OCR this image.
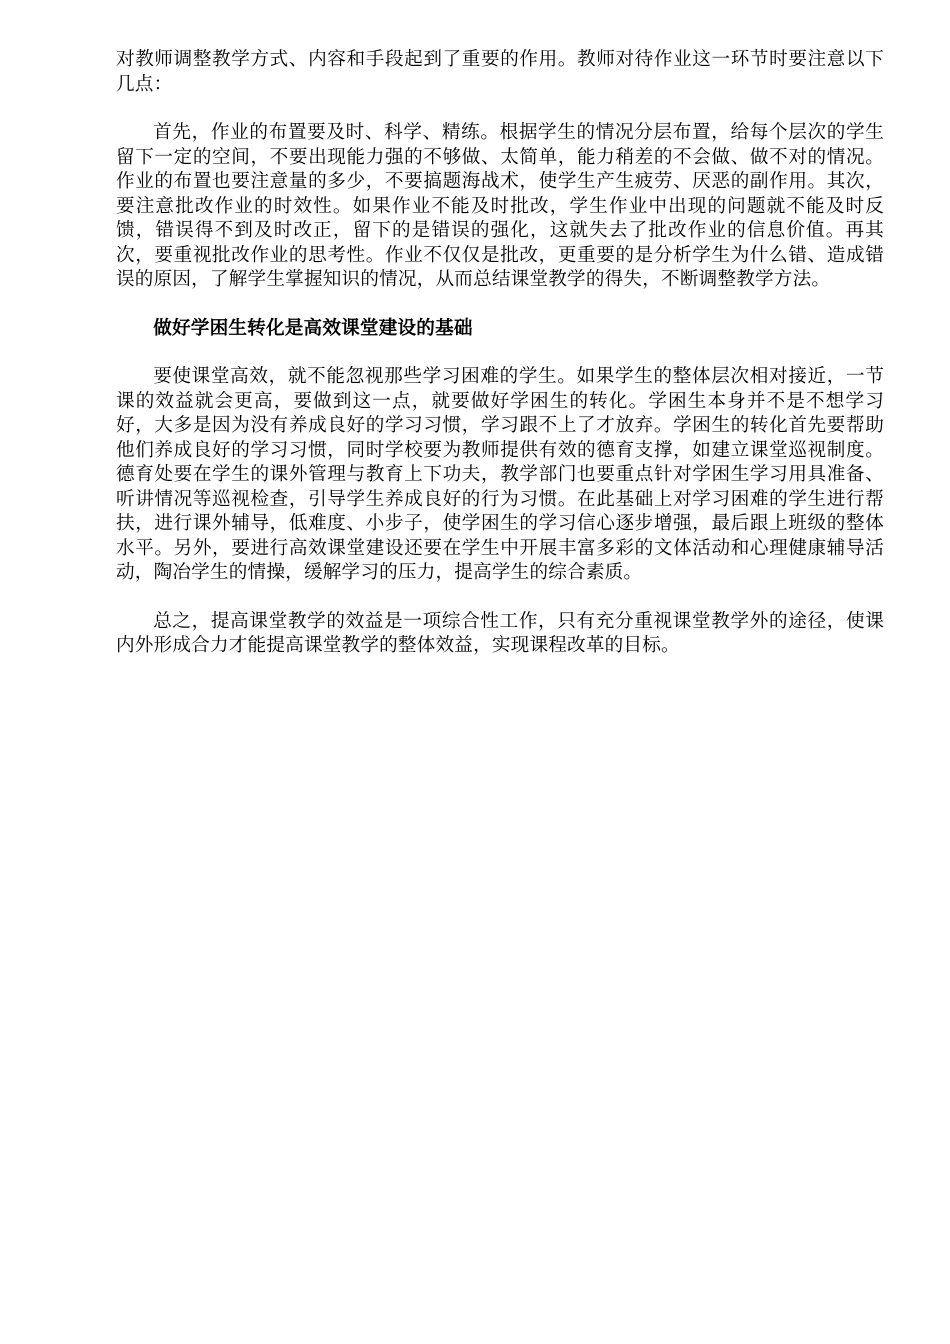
对教师调整教学方式、内容和手段起到了重要的作用。教师对待作业这一环节时要注意以下几点：

首先，作业的布置要及时、科学、精练。根据学生的情况分层布置，给每个层次的学生留下一定的空间，不要出现能力强的不够做、太简单，能力稍差的不会做、做不对的情况。作业的布置也要注意量的多少，不要搞题海战术，使学生产生疲劳、厌恶的副作用。其次，要注意批改作业的时效性。如果作业不能及时批改，学生作业中出现的问题就不能及时反馈，错误得不到及时改正，留下的是错误的强化，这就失去了批改作业的信息价值。再其次，要重视批改作业的思考性。作业不仅仅是批改，更重要的是分析学生为什么错、造成错误的原因，了解学生掌握知识的情况，从而总结课堂教学的得失，不断调整教学方法。

做好学困生转化是高效课堂建设的基础

要使课堂高效，就不能忽视那些学习困难的学生。如果学生的整体层次相对接近，一节课的效益就会更高，要做到这一点，就要做好学困生的转化。学困生本身并不是不想学习好，大多是因为没有养成良好的学习习惯，学习跟不上了才放弃。学困生的转化首先要帮助他们养成良好的学习习惯，同时学校要为教师提供有效的德育支撑，如建立课堂巡视制度。德育处要在学生的课外管理与教育上下功夫，教学部门也要重点针对学困生学习用具准备、听讲情况等巡视检查，引导学生养成良好的行为习惯。在此基础上对学习困难的学生进行帮扶，进行课外辅导，低难度、小步子，使学困生的学习信心逐步增强，最后跟上班级的整体水平。另外，要进行高效课堂建设还要在学生中开展丰富多彩的文体活动和心理健康辅导活动，陶冶学生的情操，缓解学习的压力，提高学生的综合素质。

总之，提高课堂教学的效益是一项综合性工作，只有充分重视课堂教学外的途径，使课内外形成合力才能提高课堂教学的整体效益，实现课程改革的目标。
